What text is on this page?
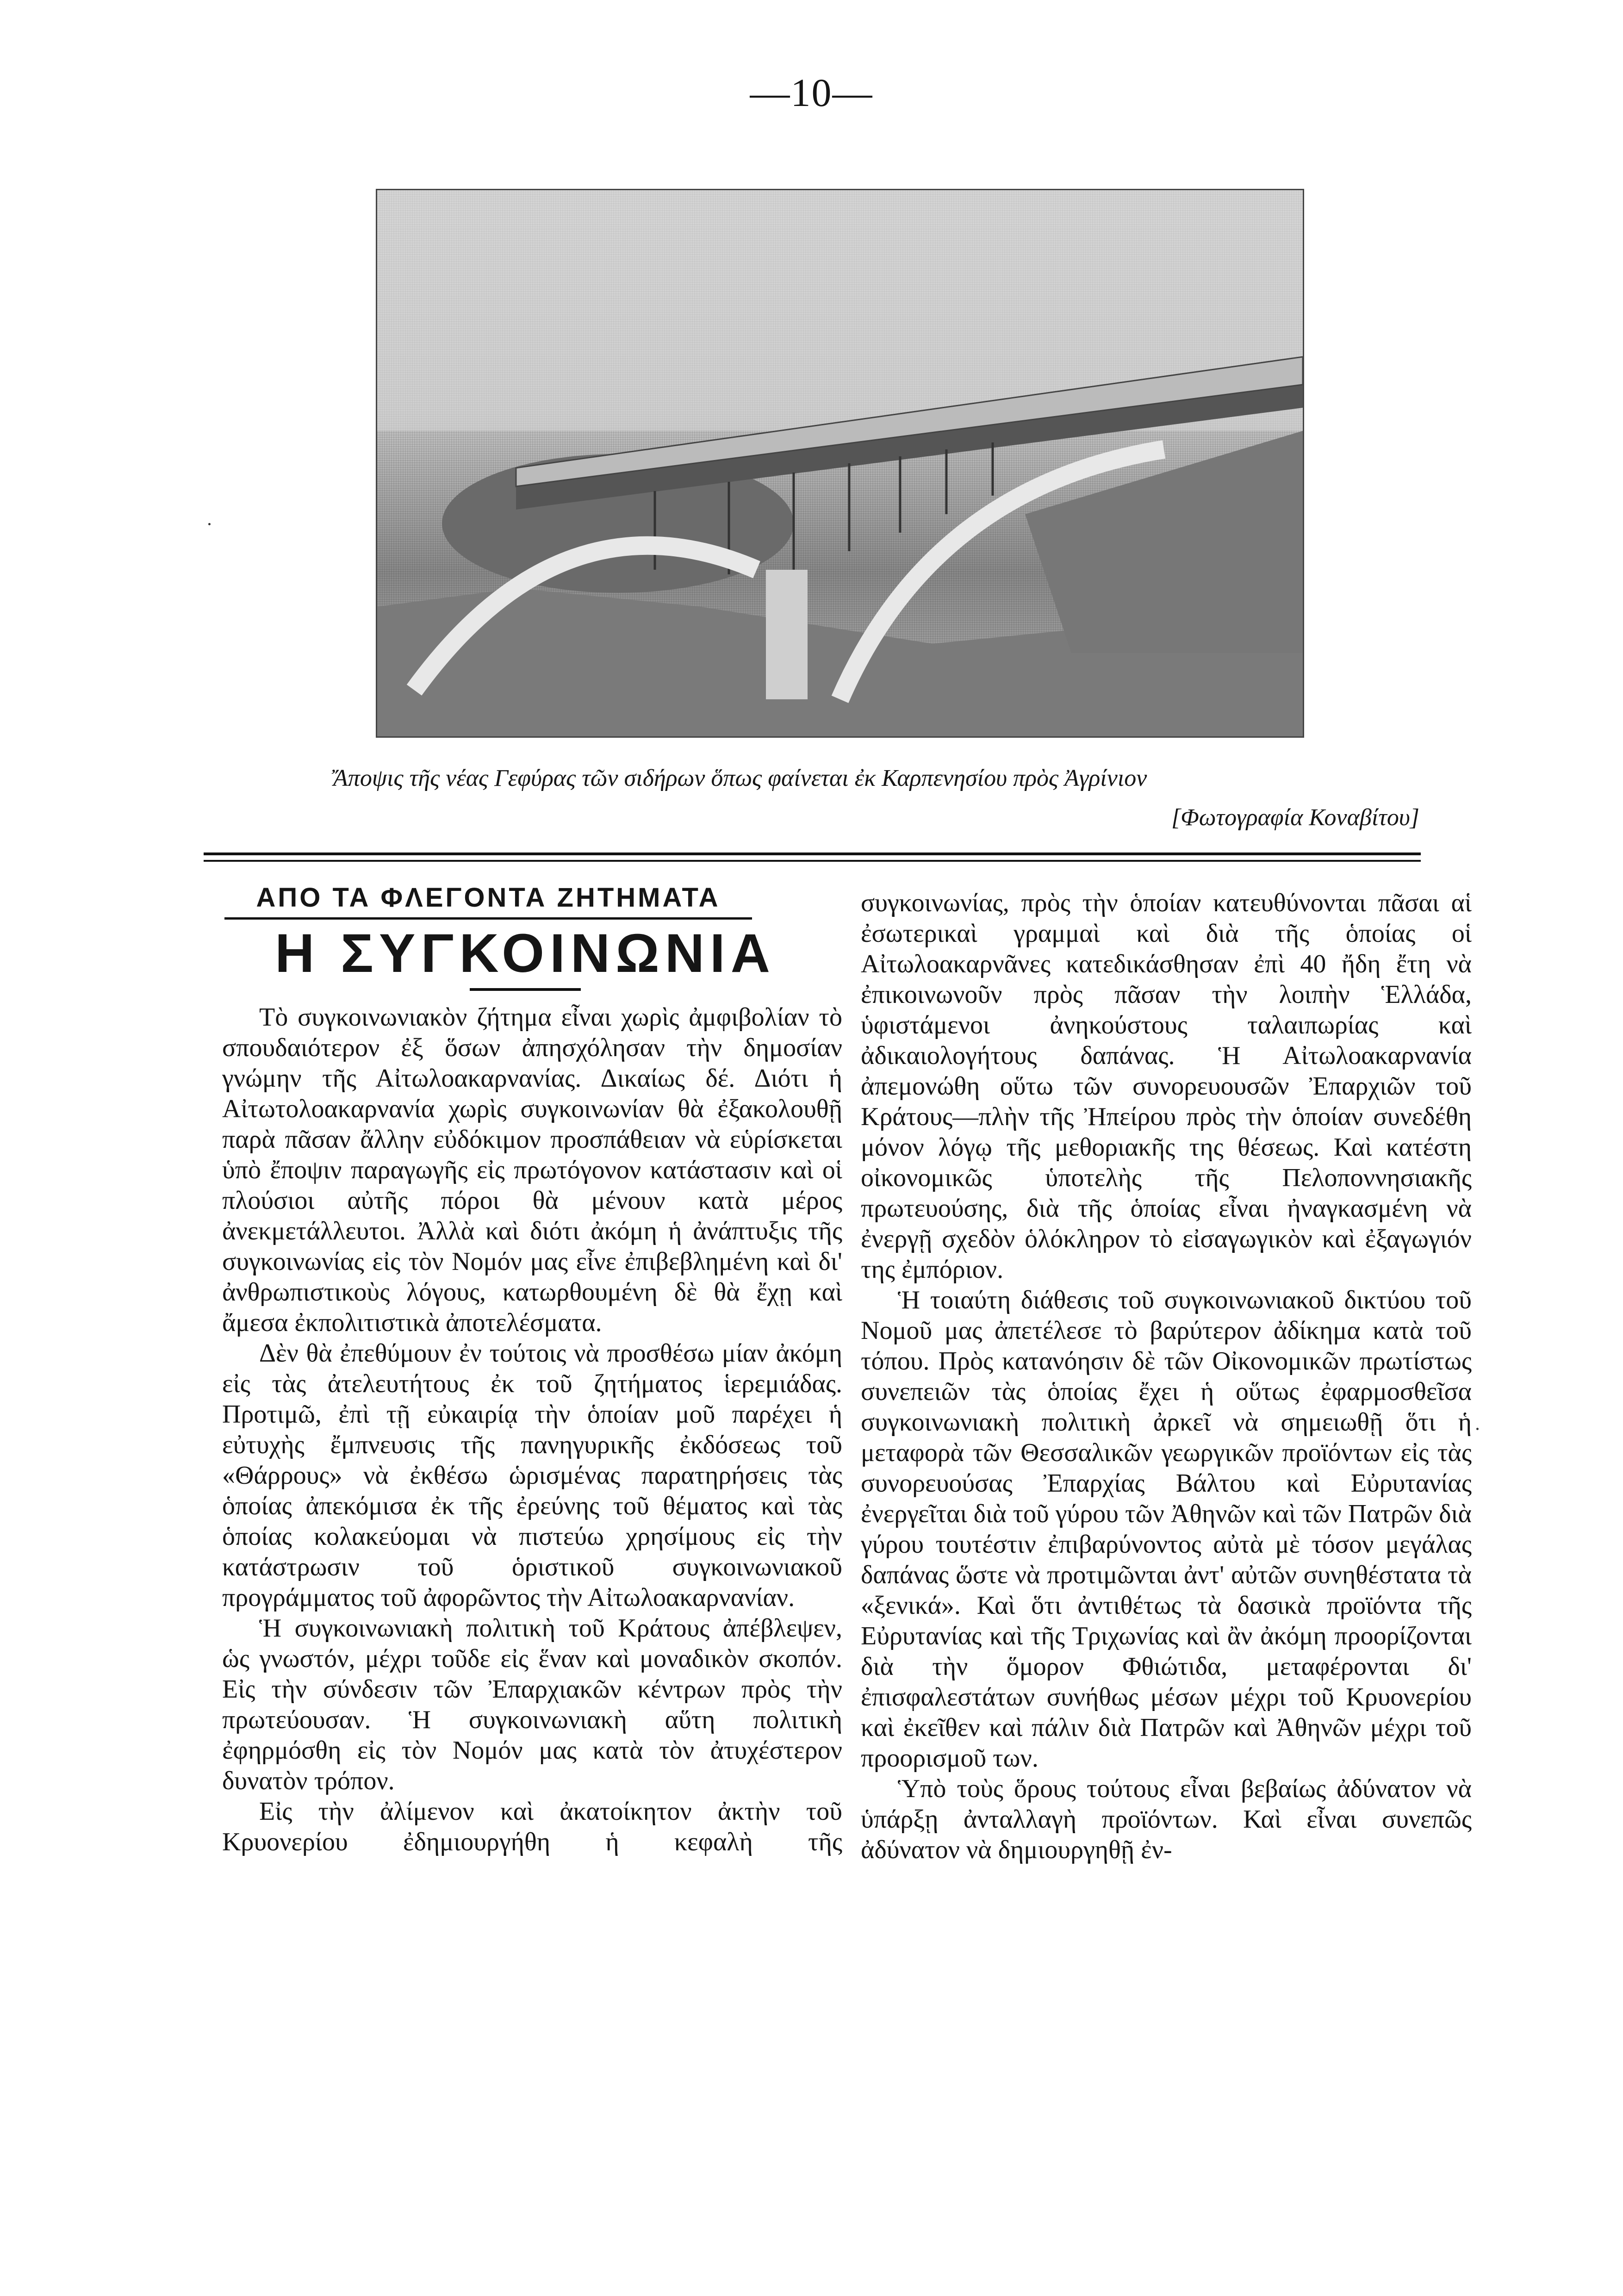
—10—
Ἄποψις τῆς νέας Γεφύρας τῶν σιδήρων ὅπως φαίνεται ἐκ Καρπενησίου πρὸς Ἀγρίνιον
[Φωτογραφία Κοναβίτου]
ΑΠΟ ΤΑ ΦΛΕΓΟΝΤΑ ΖΗΤΗΜΑΤΑ
Η ΣΥΓΚΟΙΝΩΝΙΑ

Τὸ συγκοινωνιακὸν ζήτημα εἶναι χωρὶς ἀμφιβολίαν τὸ σπουδαιότερον ἐξ ὅσων ἀπησχόλησαν τὴν δημοσίαν γνώμην τῆς Αἰτωλοακαρνανίας. Δικαίως δέ. Διότι ἡ Αἰτωτολοακαρνανία χωρὶς συγκοινωνίαν θὰ ἐξακολουθῇ παρὰ πᾶσαν ἄλλην εὐδόκιμον προσπάθειαν νὰ εὑρίσκεται ὑπὸ ἔποψιν παραγωγῆς εἰς πρωτόγονον κατάστασιν καὶ οἱ πλούσιοι αὐτῆς πόροι θὰ μένουν κατὰ μέρος ἀνεκμετάλλευτοι. Ἀλλὰ καὶ διότι ἀκόμη ἡ ἀνάπτυξις τῆς συγκοινωνίας εἰς τὸν Νομόν μας εἶνε ἐπιβεβλημένη καὶ δι' ἀνθρωπιστικοὺς λόγους, κατωρθουμένη δὲ θὰ ἔχῃ καὶ ἄμεσα ἐκπολιτιστικὰ ἀποτελέσματα.

Δὲν θὰ ἐπεθύμουν ἐν τούτοις νὰ προσθέσω μίαν ἀκόμη εἰς τὰς ἀτελευτήτους ἐκ τοῦ ζητήματος ἱερεμιάδας. Προτιμῶ, ἐπὶ τῇ εὐκαιρίᾳ τὴν ὁποίαν μοῦ παρέχει ἡ εὐτυχὴς ἔμπνευσις τῆς πανηγυρικῆς ἐκδόσεως τοῦ «Θάρρους» νὰ ἐκθέσω ὡρισμένας παρατηρήσεις τὰς ὁποίας ἀπεκόμισα ἐκ τῆς ἐρεύνης τοῦ θέματος καὶ τὰς ὁποίας κολακεύομαι νὰ πιστεύω χρησίμους εἰς τὴν κατάστρωσιν τοῦ ὁριστικοῦ συγκοινωνιακοῦ προγράμματος τοῦ ἀφορῶντος τὴν Αἰτωλοακαρνανίαν.

Ἡ συγκοινωνιακὴ πολιτικὴ τοῦ Κράτους ἀπέβλεψεν, ὡς γνωστόν, μέχρι τοῦδε εἰς ἕναν καὶ μοναδικὸν σκοπόν. Εἰς τὴν σύνδεσιν τῶν Ἐπαρχιακῶν κέντρων πρὸς τὴν πρωτεύουσαν. Ἡ συγκοινωνιακὴ αὕτη πολιτικὴ ἐφηρμόσθη εἰς τὸν Νομόν μας κατὰ τὸν ἀτυχέστερον δυνατὸν τρόπον.

Εἰς τὴν ἀλίμενον καὶ ἀκατοίκητον ἀκτὴν τοῦ Κρυονερίου ἐδημιουργήθη ἡ κεφαλὴ τῆς

συγκοινωνίας, πρὸς τὴν ὁποίαν κατευθύνονται πᾶσαι αἱ ἐσωτερικαὶ γραμμαὶ καὶ διὰ τῆς ὁποίας οἱ Αἰτωλοακαρνᾶνες κατεδικάσθησαν ἐπὶ 40 ἤδη ἔτη νὰ ἐπικοινωνοῦν πρὸς πᾶσαν τὴν λοιπὴν Ἑλλάδα, ὑφιστάμενοι ἀνηκούστους ταλαιπωρίας καὶ ἀδικαιολογήτους δαπάνας. Ἡ Αἰτωλοακαρνανία ἀπεμονώθη οὕτω τῶν συνορευουσῶν Ἐπαρχιῶν τοῦ Κράτους—πλὴν τῆς Ἠπείρου πρὸς τὴν ὁποίαν συνεδέθη μόνον λόγῳ τῆς μεθοριακῆς της θέσεως. Καὶ κατέστη οἰκονομικῶς ὑποτελὴς τῆς Πελοποννησιακῆς πρωτευούσης, διὰ τῆς ὁποίας εἶναι ἠναγκασμένη νὰ ἐνεργῇ σχεδὸν ὁλόκληρον τὸ εἰσαγωγικὸν καὶ ἐξαγωγιόν της ἐμπόριον.

Ἡ τοιαύτη διάθεσις τοῦ συγκοινωνιακοῦ δικτύου τοῦ Νομοῦ μας ἀπετέλεσε τὸ βαρύτερον ἀδίκημα κατὰ τοῦ τόπου. Πρὸς κατανόησιν δὲ τῶν Οἰκονομικῶν πρωτίστως συνεπειῶν τὰς ὁποίας ἔχει ἡ οὕτως ἐφαρμοσθεῖσα συγκοινωνιακὴ πολιτικὴ ἀρκεῖ νὰ σημειωθῇ ὅτι ἡ μεταφορὰ τῶν Θεσσαλικῶν γεωργικῶν προϊόντων εἰς τὰς συνορευούσας Ἐπαρχίας Βάλτου καὶ Εὐρυτανίας ἐνεργεῖται διὰ τοῦ γύρου τῶν Ἀθηνῶν καὶ τῶν Πατρῶν διὰ γύρου τουτέστιν ἐπιβαρύνοντος αὐτὰ μὲ τόσον μεγάλας δαπάνας ὥστε νὰ προτιμῶνται ἀντ' αὐτῶν συνηθέστατα τὰ «ξενικά». Καὶ ὅτι ἀντιθέτως τὰ δασικὰ προϊόντα τῆς Εὐρυτανίας καὶ τῆς Τριχωνίας καὶ ἂν ἀκόμη προορίζονται διὰ τὴν ὅμορον Φθιώτιδα, μεταφέρονται δι' ἐπισφαλεστάτων συνήθως μέσων μέχρι τοῦ Κρυονερίου καὶ ἐκεῖθεν καὶ πάλιν διὰ Πατρῶν καὶ Ἀθηνῶν μέχρι τοῦ προορισμοῦ των.

Ὑπὸ τοὺς ὅρους τούτους εἶναι βεβαίως ἀδύνατον νὰ ὑπάρξῃ ἀνταλλαγὴ προϊόντων. Καὶ εἶναι συνεπῶς ἀδύνατον νὰ δημιουργηθῇ ἐν-
